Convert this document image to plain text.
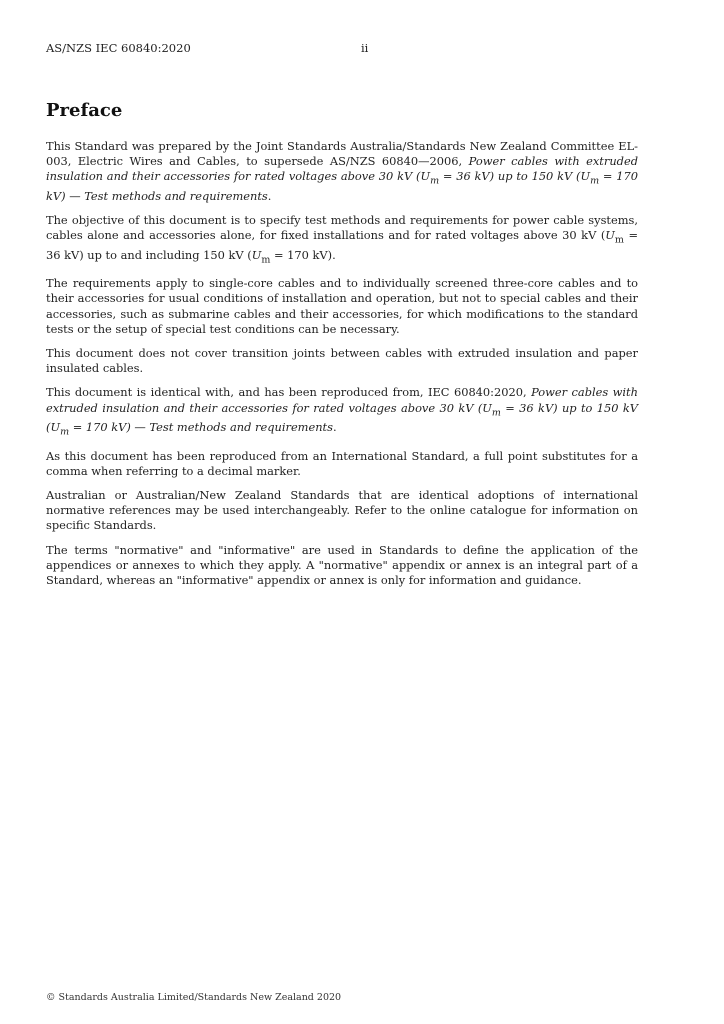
AS/NZS IEC 60840:2020	ii
Preface

This Standard was prepared by the Joint Standards Australia/Standards New Zealand Committee EL-003, Electric Wires and Cables, to supersede AS/NZS 60840—2006, Power cables with extruded insulation and their accessories for rated voltages above 30 kV ($U_m = 36$ kV) up to 150 kV ($U_m = 170$ kV) — Test methods and requirements.

The objective of this document is to specify test methods and requirements for power cable systems, cables alone and accessories alone, for fixed installations and for rated voltages above 30 kV ($U_m = 36$ kV) up to and including 150 kV ($U_m = 170$ kV).

The requirements apply to single-core cables and to individually screened three-core cables and to their accessories for usual conditions of installation and operation, but not to special cables and their accessories, such as submarine cables and their accessories, for which modifications to the standard tests or the setup of special test conditions can be necessary.

This document does not cover transition joints between cables with extruded insulation and paper insulated cables.

This document is identical with, and has been reproduced from, IEC 60840:2020, Power cables with extruded insulation and their accessories for rated voltages above 30 kV ($U_m = 36$ kV) up to 150 kV ($U_m = 170$ kV) — Test methods and requirements.

As this document has been reproduced from an International Standard, a full point substitutes for a comma when referring to a decimal marker.

Australian or Australian/New Zealand Standards that are identical adoptions of international normative references may be used interchangeably. Refer to the online catalogue for information on specific Standards.

The terms "normative" and "informative" are used in Standards to define the application of the appendices or annexes to which they apply. A "normative" appendix or annex is an integral part of a Standard, whereas an "informative" appendix or annex is only for information and guidance.

© Standards Australia Limited/Standards New Zealand 2020
